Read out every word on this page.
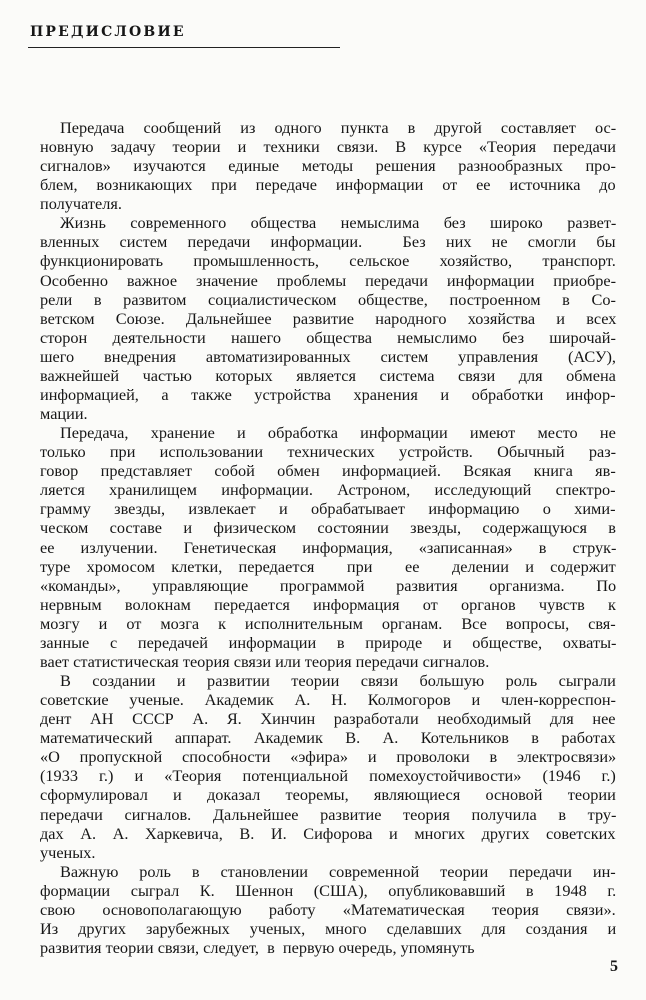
ПРЕДИСЛОВИЕ
Передача сообщений из одного пункта в другой составляет ос-
новную задачу теории и техники связи. В курсе «Теория передачи
сигналов» изучаются единые методы решения разнообразных про-
блем, возникающих при передаче информации от ее источника до
получателя.
Жизнь современного общества немыслима без широко развет-
вленных систем передачи информации.  Без них не смогли бы
функционировать промышленность, сельское хозяйство, транспорт.
Особенно важное значение проблемы передачи информации приобре-
рели в развитом социалистическом обществе, построенном в Со-
ветском Союзе. Дальнейшее развитие народного хозяйства и всех
сторон деятельности нашего общества немыслимо без широчай-
шего внедрения автоматизированных систем управления (АСУ),
важнейшей частью которых является система связи для обмена
информацией, а также устройства хранения и обработки инфор-
мации.
Передача, хранение и обработка информации имеют место не
только при использовании технических устройств. Обычный раз-
говор представляет собой обмен информацией. Всякая книга яв-
ляется хранилищем информации. Астроном, исследующий спектро-
грамму звезды, извлекает и обрабатывает информацию о хими-
ческом составе и физическом состоянии звезды, содержащуюся в
ее излучении. Генетическая информация, «записанная» в струк-
туре хромосом клетки, передается  при  ее  делении и содержит
«команды», управляющие программой развития организма. По
нервным волокнам передается информация от органов чувств к
мозгу и от мозга к исполнительным органам. Все вопросы, свя-
занные с передачей информации в природе и обществе, охваты-
вает статистическая теория связи или теория передачи сигналов.
В создании и развитии теории связи большую роль сыграли
советские ученые. Академик А. Н. Колмогоров и член-корреспон-
дент АН СССР А. Я. Хинчин разработали необходимый для нее
математический аппарат. Академик В. А. Котельников в работах
«О пропускной способности «эфира» и проволоки в электросвязи»
(1933 г.) и «Теория потенциальной помехоустойчивости» (1946 г.)
сформулировал и доказал теоремы, являющиеся основой теории
передачи сигналов. Дальнейшее развитие теория получила в тру-
дах А. А. Харкевича, В. И. Сифорова и многих других советских
ученых.
Важную роль в становлении современной теории передачи ин-
формации сыграл К. Шеннон (США), опубликовавший в 1948 г.
свою основополагающую работу «Математическая теория связи».
Из других зарубежных ученых, много сделавших для создания и
развития теории связи, следует,  в  первую очередь, упомянуть
5
